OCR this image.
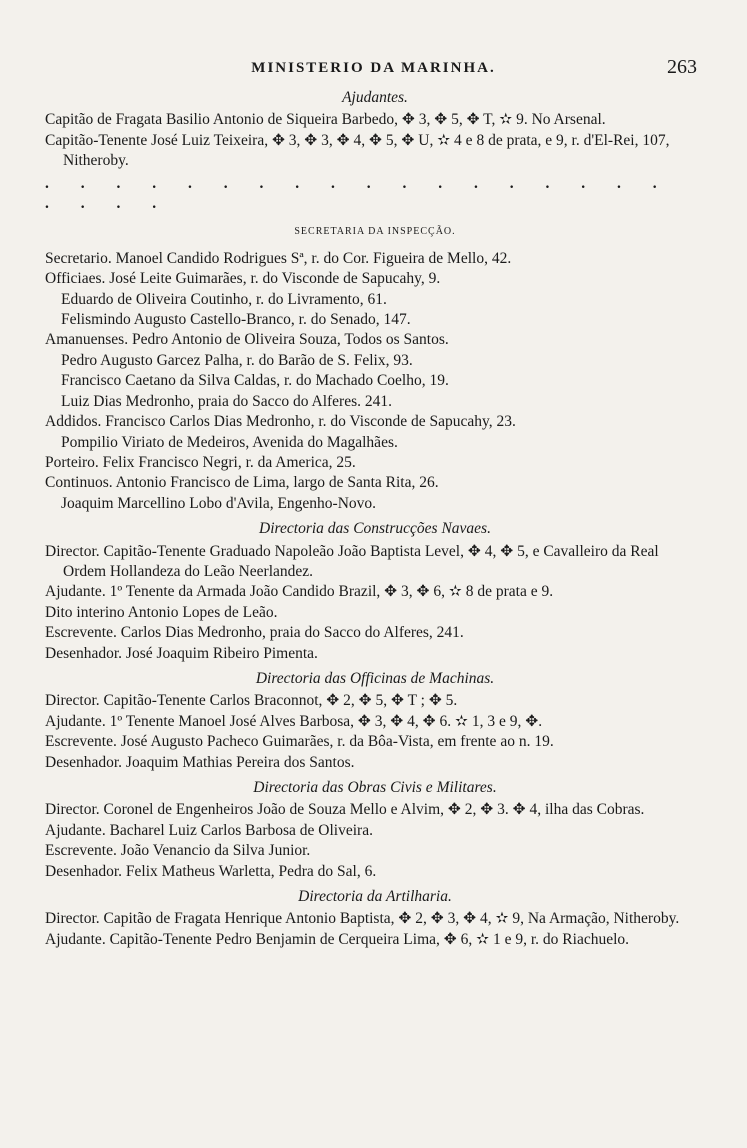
MINISTERIO DA MARINHA.	263
Ajudantes.

Capitão de Fragata Basilio Antonio de Siqueira Barbedo, ✥ 3, ✥ 5, ✥ T, ✫ 9. No Arsenal.

Capitão-Tenente José Luiz Teixeira, ✥ 3, ✥ 3, ✥ 4, ✥ 5, ✥ U, ✫ 4 e 8 de prata, e 9, r. d'El-Rei, 107, Nitheroby.

. . . . . . . . . . . . . . . . . . . . . .
SECRETARIA DA INSPECÇÃO.

Secretario. Manoel Candido Rodrigues Sª, r. do Cor. Figueira de Mello, 42.

Officiaes. José Leite Guimarães, r. do Visconde de Sapucahy, 9.

Eduardo de Oliveira Coutinho, r. do Livramento, 61.

Felismindo Augusto Castello-Branco, r. do Senado, 147.

Amanuenses. Pedro Antonio de Oliveira Souza, Todos os Santos.

Pedro Augusto Garcez Palha, r. do Barão de S. Felix, 93.

Francisco Caetano da Silva Caldas, r. do Machado Coelho, 19.

Luiz Dias Medronho, praia do Sacco do Alferes. 241.

Addidos. Francisco Carlos Dias Medronho, r. do Visconde de Sapucahy, 23.

Pompilio Viriato de Medeiros, Avenida do Magalhães.

Porteiro. Felix Francisco Negri, r. da America, 25.

Continuos. Antonio Francisco de Lima, largo de Santa Rita, 26.

Joaquim Marcellino Lobo d'Avila, Engenho-Novo.

Directoria das Construcções Navaes.

Director. Capitão-Tenente Graduado Napoleão João Baptista Level, ✥ 4, ✥ 5, e Cavalleiro da Real Ordem Hollandeza do Leão Neerlandez.

Ajudante. 1º Tenente da Armada João Candido Brazil, ✥ 3, ✥ 6, ✫ 8 de prata e 9.

Dito interino Antonio Lopes de Leão.

Escrevente. Carlos Dias Medronho, praia do Sacco do Alferes, 241.

Desenhador. José Joaquim Ribeiro Pimenta.

Directoria das Officinas de Machinas.

Director. Capitão-Tenente Carlos Braconnot, ✥ 2, ✥ 5, ✥ T ; ✥ 5.

Ajudante. 1º Tenente Manoel José Alves Barbosa, ✥ 3, ✥ 4, ✥ 6. ✫ 1, 3 e 9, ✥.

Escrevente. José Augusto Pacheco Guimarães, r. da Bôa-Vista, em frente ao n. 19.

Desenhador. Joaquim Mathias Pereira dos Santos.

Directoria das Obras Civis e Militares.

Director. Coronel de Engenheiros João de Souza Mello e Alvim, ✥ 2, ✥ 3. ✥ 4, ilha das Cobras.

Ajudante. Bacharel Luiz Carlos Barbosa de Oliveira.

Escrevente. João Venancio da Silva Junior.

Desenhador. Felix Matheus Warletta, Pedra do Sal, 6.

Directoria da Artilharia.

Director. Capitão de Fragata Henrique Antonio Baptista, ✥ 2, ✥ 3, ✥ 4, ✫ 9, Na Armação, Nitheroby.

Ajudante. Capitão-Tenente Pedro Benjamin de Cerqueira Lima, ✥ 6, ✫ 1 e 9, r. do Riachuelo.
